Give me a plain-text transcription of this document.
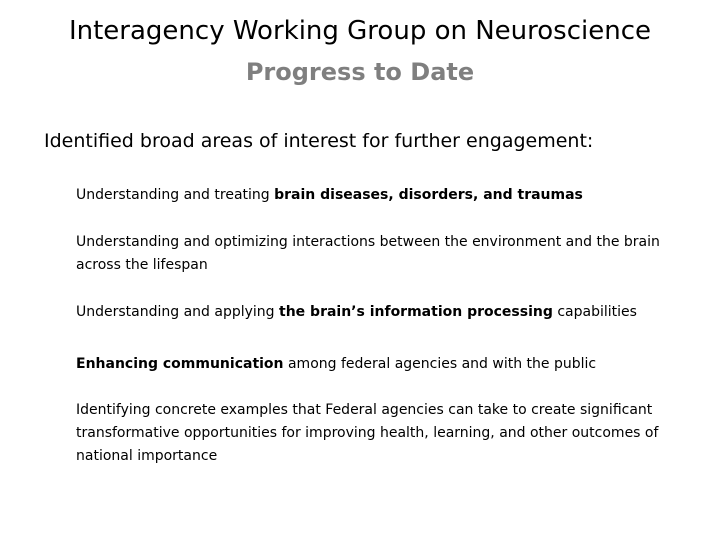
Interagency Working Group on Neuroscience
Progress to Date
Identified broad areas of interest for further engagement:
Understanding and treating brain diseases, disorders, and traumas
Understanding and optimizing interactions between the environment and the brain across the lifespan
Understanding and applying the brain’s information processing capabilities
Enhancing communication among federal agencies and with the public
Identifying concrete examples that Federal agencies can take to create significant transformative opportunities for improving health, learning, and other outcomes of national importance
